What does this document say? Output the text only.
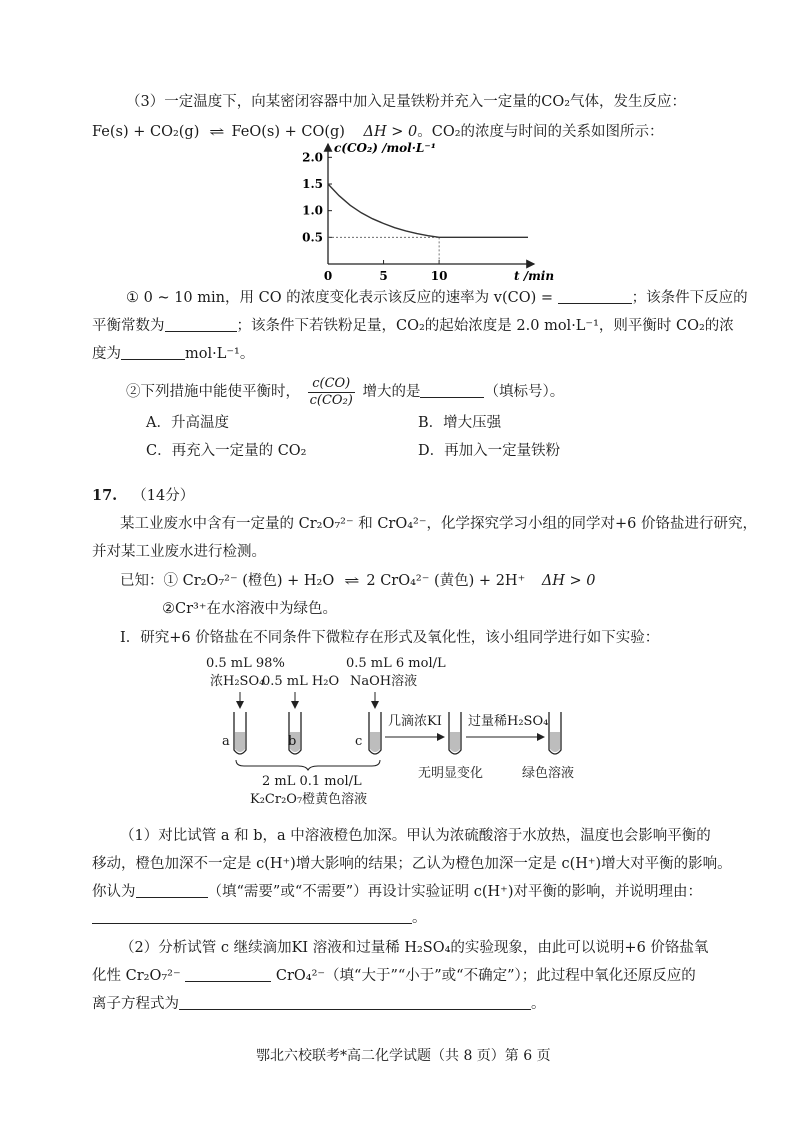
（3）一定温度下，向某密闭容器中加入足量铁粉并充入一定量的CO₂气体，发生反应：
Fe(s) + CO₂(g) ⇌ FeO(s) + CO(g) ΔH > 0。CO₂的浓度与时间的关系如图所示：
0.5
1.0
1.5
2.0
0	5	10
c(CO₂) /mol·L⁻¹
t /min
① 0 ~ 10 min，用 CO 的浓度变化表示该反应的速率为 v(CO) =	；该条件下反应的
平衡常数为	；该条件下若铁粉足量，CO₂的起始浓度是 2.0 mol·L⁻¹，则平衡时 CO₂的浓
度为	mol·L⁻¹。
②下列措施中能使平衡时， $\frac{c(CO)}{\text{c(CO₂)}}$ 增大的是	（填标号）。
A．升高温度	B．增大压强
C．再充入一定量的 CO₂	D．再加入一定量铁粉
17. （14分）
某工业废水中含有一定量的 Cr₂O₇²⁻ 和 CrO₄²⁻，化学探究学习小组的同学对+6 价铬盐进行研究，
并对某工业废水进行检测。
已知：① Cr₂O₇²⁻ (橙色) + H₂O ⇌ 2 CrO₄²⁻ (黄色) + 2H⁺ ΔH > 0
②Cr³⁺在水溶液中为绿色。
I．研究+6 价铬盐在不同条件下微粒存在形式及氧化性，该小组同学进行如下实验：
0.5 mL 98%
浓H₂SO₄
0.5 mL H₂O
0.5 mL 6 mol/L
NaOH溶液
a	b	c
几滴浓KI 过量稀H₂SO₄
无明显变化	绿色溶液
2 mL 0.1 mol/L
K₂Cr₂O₇橙黄色溶液
（1）对比试管 a 和 b，a 中溶液橙色加深。甲认为浓硫酸溶于水放热，温度也会影响平衡的
移动，橙色加深不一定是 c(H⁺)增大影响的结果；乙认为橙色加深一定是 c(H⁺)增大对平衡的影响。
你认为	（填“需要”或“不需要”）再设计实验证明 c(H⁺)对平衡的影响，并说明理由：
。
（2）分析试管 c 继续滴加KI 溶液和过量稀 H₂SO₄的实验现象，由此可以说明+6 价铬盐氧
化性 Cr₂O₇²⁻	CrO₄²⁻（填“大于”“小于”或“不确定”）；此过程中氧化还原反应的
离子方程式为	。
鄂北六校联考*高二化学试题（共 8 页）第 6 页
